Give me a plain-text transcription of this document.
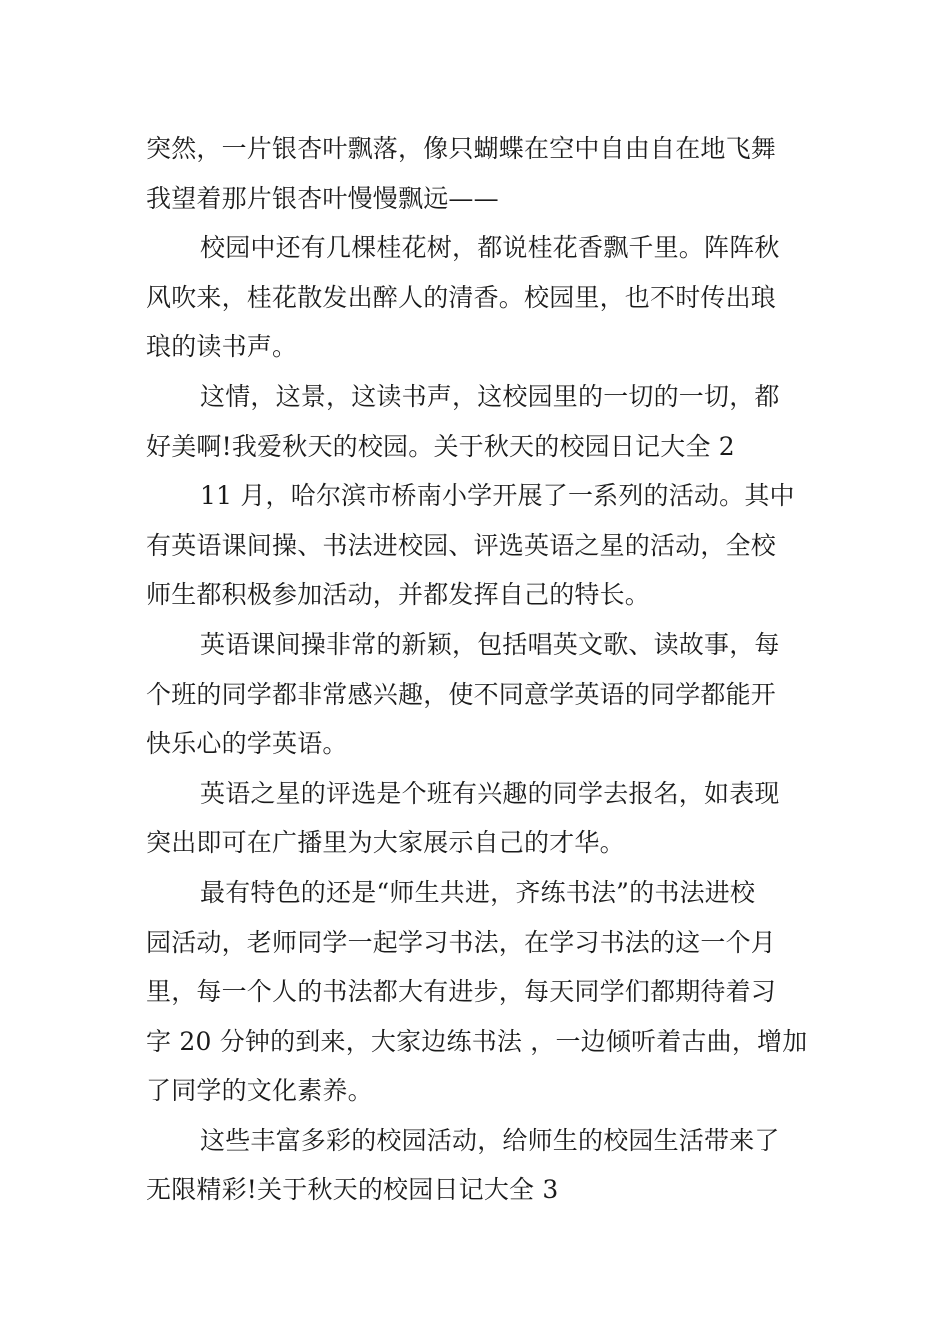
突然，一片银杏叶飘落，像只蝴蝶在空中自由自在地飞舞
我望着那片银杏叶慢慢飘远——
校园中还有几棵桂花树，都说桂花香飘千里。阵阵秋
风吹来，桂花散发出醉人的清香。校园里，也不时传出琅
琅的读书声。
这情，这景，这读书声，这校园里的一切的一切，都
好美啊!我爱秋天的校园。关于秋天的校园日记大全 2
11 月，哈尔滨市桥南小学开展了一系列的活动。其中
有英语课间操、书法进校园、评选英语之星的活动，全校
师生都积极参加活动，并都发挥自己的特长。
英语课间操非常的新颖，包括唱英文歌、读故事，每
个班的同学都非常感兴趣，使不同意学英语的同学都能开
快乐心的学英语。
英语之星的评选是个班有兴趣的同学去报名，如表现
突出即可在广播里为大家展示自己的才华。
最有特色的还是“师生共进，齐练书法”的书法进校
园活动，老师同学一起学习书法，在学习书法的这一个月
里，每一个人的书法都大有进步，每天同学们都期待着习
字 20 分钟的到来，大家边练书法 ，一边倾听着古曲，增加
了同学的文化素养。
这些丰富多彩的校园活动，给师生的校园生活带来了
无限精彩!关于秋天的校园日记大全 3
